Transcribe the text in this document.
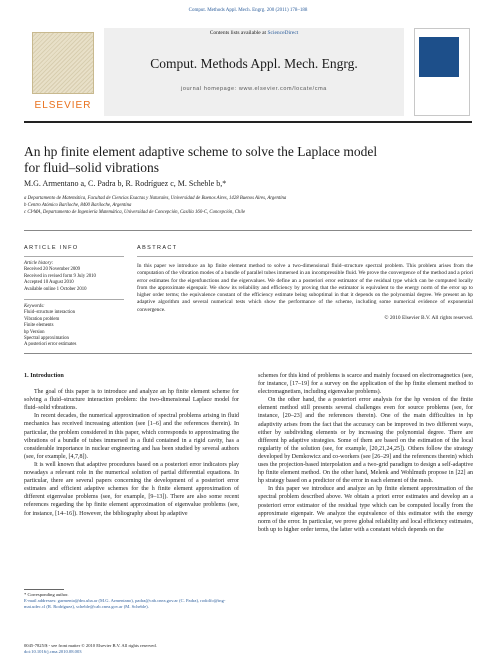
Comput. Methods Appl. Mech. Engrg. 200 (2011) 178–188
ELSEVIER
Contents lists available at ScienceDirect
Comput. Methods Appl. Mech. Engrg.
journal homepage: www.elsevier.com/locate/cma
An hp finite element adaptive scheme to solve the Laplace model
for fluid–solid vibrations
M.G. Armentano a, C. Padra b, R. Rodríguez c, M. Scheble b,*
a Departamento de Matemática, Facultad de Ciencias Exactas y Naturales, Universidad de Buenos Aires, 1428 Buenos Aires, Argentina
b Centro Atómico Bariloche, 8400 Bariloche, Argentina
c CI²MA, Departamento de Ingeniería Matemática, Universidad de Concepción, Casilla 160-C, Concepción, Chile
ARTICLE INFO
Article history:
Received 20 November 2009
Received in revised form 9 July 2010
Accepted 10 August 2010
Available online 1 October 2010
Keywords:
Fluid–structure interaction
Vibration problem
Finite elements
hp Version
Spectral approximation
A posteriori error estimates
ABSTRACT

In this paper we introduce an hp finite element method to solve a two-dimensional fluid–structure spectral problem. This problem arises from the computation of the vibration modes of a bundle of parallel tubes immersed in an incompressible fluid. We prove the convergence of the method and a priori error estimates for the eigenfunctions and the eigenvalues. We define an a posteriori error estimator of the residual type which can be computed locally from the approximate eigenpair. We show its reliability and efficiency by proving that the estimator is equivalent to the energy norm of the error up to higher order terms; the equivalence constant of the efficiency estimate being suboptimal in that it depends on the polynomial degree. We present an hp adaptive algorithm and several numerical tests which show the performance of the scheme, including some numerical evidence of exponential convergence.

© 2010 Elsevier B.V. All rights reserved.
1. Introduction

The goal of this paper is to introduce and analyze an hp finite element scheme for solving a fluid–structure interaction problem: the two-dimensional Laplace model for fluid–solid vibrations.

In recent decades, the numerical approximation of spectral problems arising in fluid mechanics has received increasing attention (see [1–6] and the references therein). In particular, the problem considered in this paper, which corresponds to approximating the vibrations of a bundle of tubes immersed in a fluid contained in a rigid cavity, has a considerable importance in nuclear engineering and has been studied by several authors (see, for example, [4,7,8]).

It is well known that adaptive procedures based on a posteriori error indicators play nowadays a relevant role in the numerical solution of partial differential equations. In particular, there are several papers concerning the development of a posteriori error estimates and efficient adaptive schemes for the h finite element approximation of different eigenvalue problems (see, for example, [9–13]). There are also some recent references regarding the hp finite element approximation of eigenvalue problems (see, for instance, [14–16]). However, the bibliography about hp adaptive

schemes for this kind of problems is scarce and mainly focused on electromagnetics (see, for instance, [17–19] for a survey on the application of the hp finite element method to electromagnetism, including eigenvalue problems).

On the other hand, the a posteriori error analysis for the hp version of the finite element method still presents several challenges even for source problems (see, for instance, [20–23] and the references therein). One of the main difficulties in hp adaptivity arises from the fact that the accuracy can be improved in two different ways, either by subdividing elements or by increasing the polynomial degree. There are different hp adaptive strategies. Some of them are based on the estimation of the local regularity of the solution (see, for example, [20,21,24,25]). Others follow the strategy developed by Demkowicz and co-workers (see [26–29] and the references therein) which uses the projection-based interpolation and a two-grid paradigm to design a self-adaptive hp finite element method. On the other hand, Melenk and Wohlmuth propose in [22] an hp strategy based on a predictor of the error in each element of the mesh.

In this paper we introduce and analyze an hp finite element approximation of the spectral problem described above. We obtain a priori error estimates and develop an a posteriori error estimator of the residual type which can be computed locally from the approximate eigenpair. We analyze the equivalence of this estimator with the energy norm of the error. In particular, we prove global reliability and local efficiency estimates, both up to higher order terms, the latter with a constant which depends on the

* Corresponding author.
E-mail addresses: garmenta@dm.uba.ar (M.G. Armentano), padra@cab.cnea.gov.ar (C. Padra), rodolfo@ing-mat.udec.cl (R. Rodríguez), scheble@cab.cnea.gov.ar (M. Scheble).
0045-7825/$ - see front matter © 2010 Elsevier B.V. All rights reserved.
doi:10.1016/j.cma.2010.08.003
